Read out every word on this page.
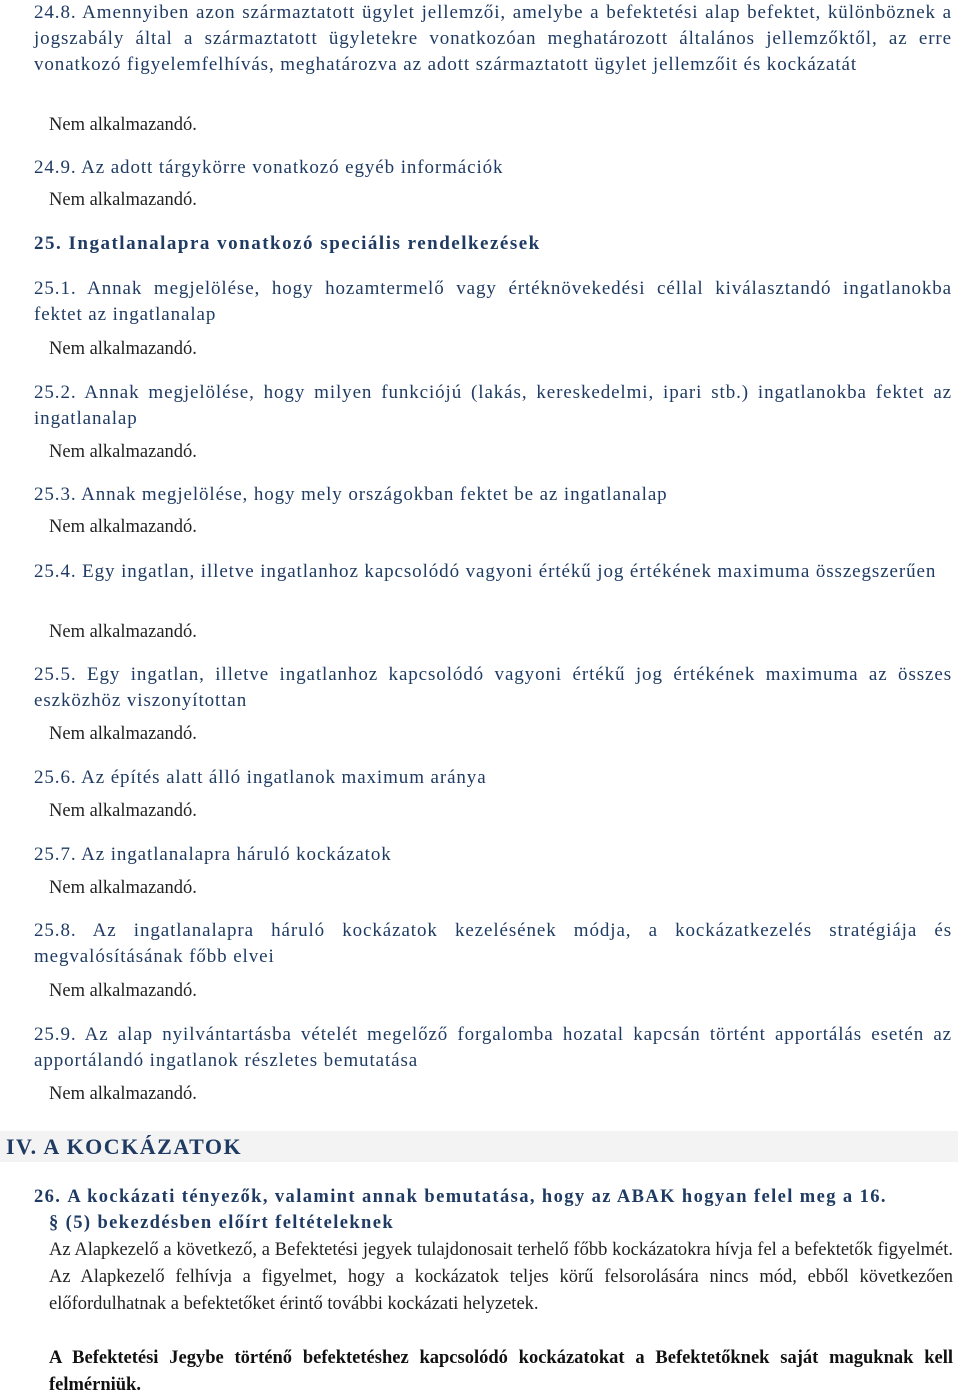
24.8. Amennyiben azon származtatott ügylet jellemzői, amelybe a befektetési alap befektet, különböznek a jogszabály által a származtatott ügyletekre vonatkozóan meghatározott általános jellemzőktől, az erre vonatkozó figyelemfelhívás, meghatározva az adott származtatott ügylet jellemzőit és kockázatát
Nem alkalmazandó.
24.9. Az adott tárgykörre vonatkozó egyéb információk
Nem alkalmazandó.
25. Ingatlanalapra vonatkozó speciális rendelkezések
25.1. Annak megjelölése, hogy hozamtermelő vagy értéknövekedési céllal kiválasztandó ingatlanokba fektet az ingatlanalap
Nem alkalmazandó.
25.2. Annak megjelölése, hogy milyen funkciójú (lakás, kereskedelmi, ipari stb.) ingatlanokba fektet az ingatlanalap
Nem alkalmazandó.
25.3. Annak megjelölése, hogy mely országokban fektet be az ingatlanalap
Nem alkalmazandó.
25.4. Egy ingatlan, illetve ingatlanhoz kapcsolódó vagyoni értékű jog értékének maximuma összegszerűen
Nem alkalmazandó.
25.5. Egy ingatlan, illetve ingatlanhoz kapcsolódó vagyoni értékű jog értékének maximuma az összes eszközhöz viszonyítottan
Nem alkalmazandó.
25.6. Az építés alatt álló ingatlanok maximum aránya
Nem alkalmazandó.
25.7. Az ingatlanalapra háruló kockázatok
Nem alkalmazandó.
25.8. Az ingatlanalapra háruló kockázatok kezelésének módja, a kockázatkezelés stratégiája és megvalósításának főbb elvei
Nem alkalmazandó.
25.9. Az alap nyilvántartásba vételét megelőző forgalomba hozatal kapcsán történt apportálás esetén az apportálandó ingatlanok részletes bemutatása
Nem alkalmazandó.
IV. A KOCKÁZATOK
26. A kockázati tényezők, valamint annak bemutatása, hogy az ABAK hogyan felel meg a 16.
§ (5) bekezdésben előírt feltételeknek
Az Alapkezelő a következő, a Befektetési jegyek tulajdonosait terhelő főbb kockázatokra hívja fel a befektetők figyelmét. Az Alapkezelő felhívja a figyelmet, hogy a kockázatok teljes körű felsorolására nincs mód, ebből következően előfordulhatnak a befektetőket érintő további kockázati helyzetek.
A Befektetési Jegybe történő befektetéshez kapcsolódó kockázatokat a Befektetőknek saját maguknak kell felmérniük.
